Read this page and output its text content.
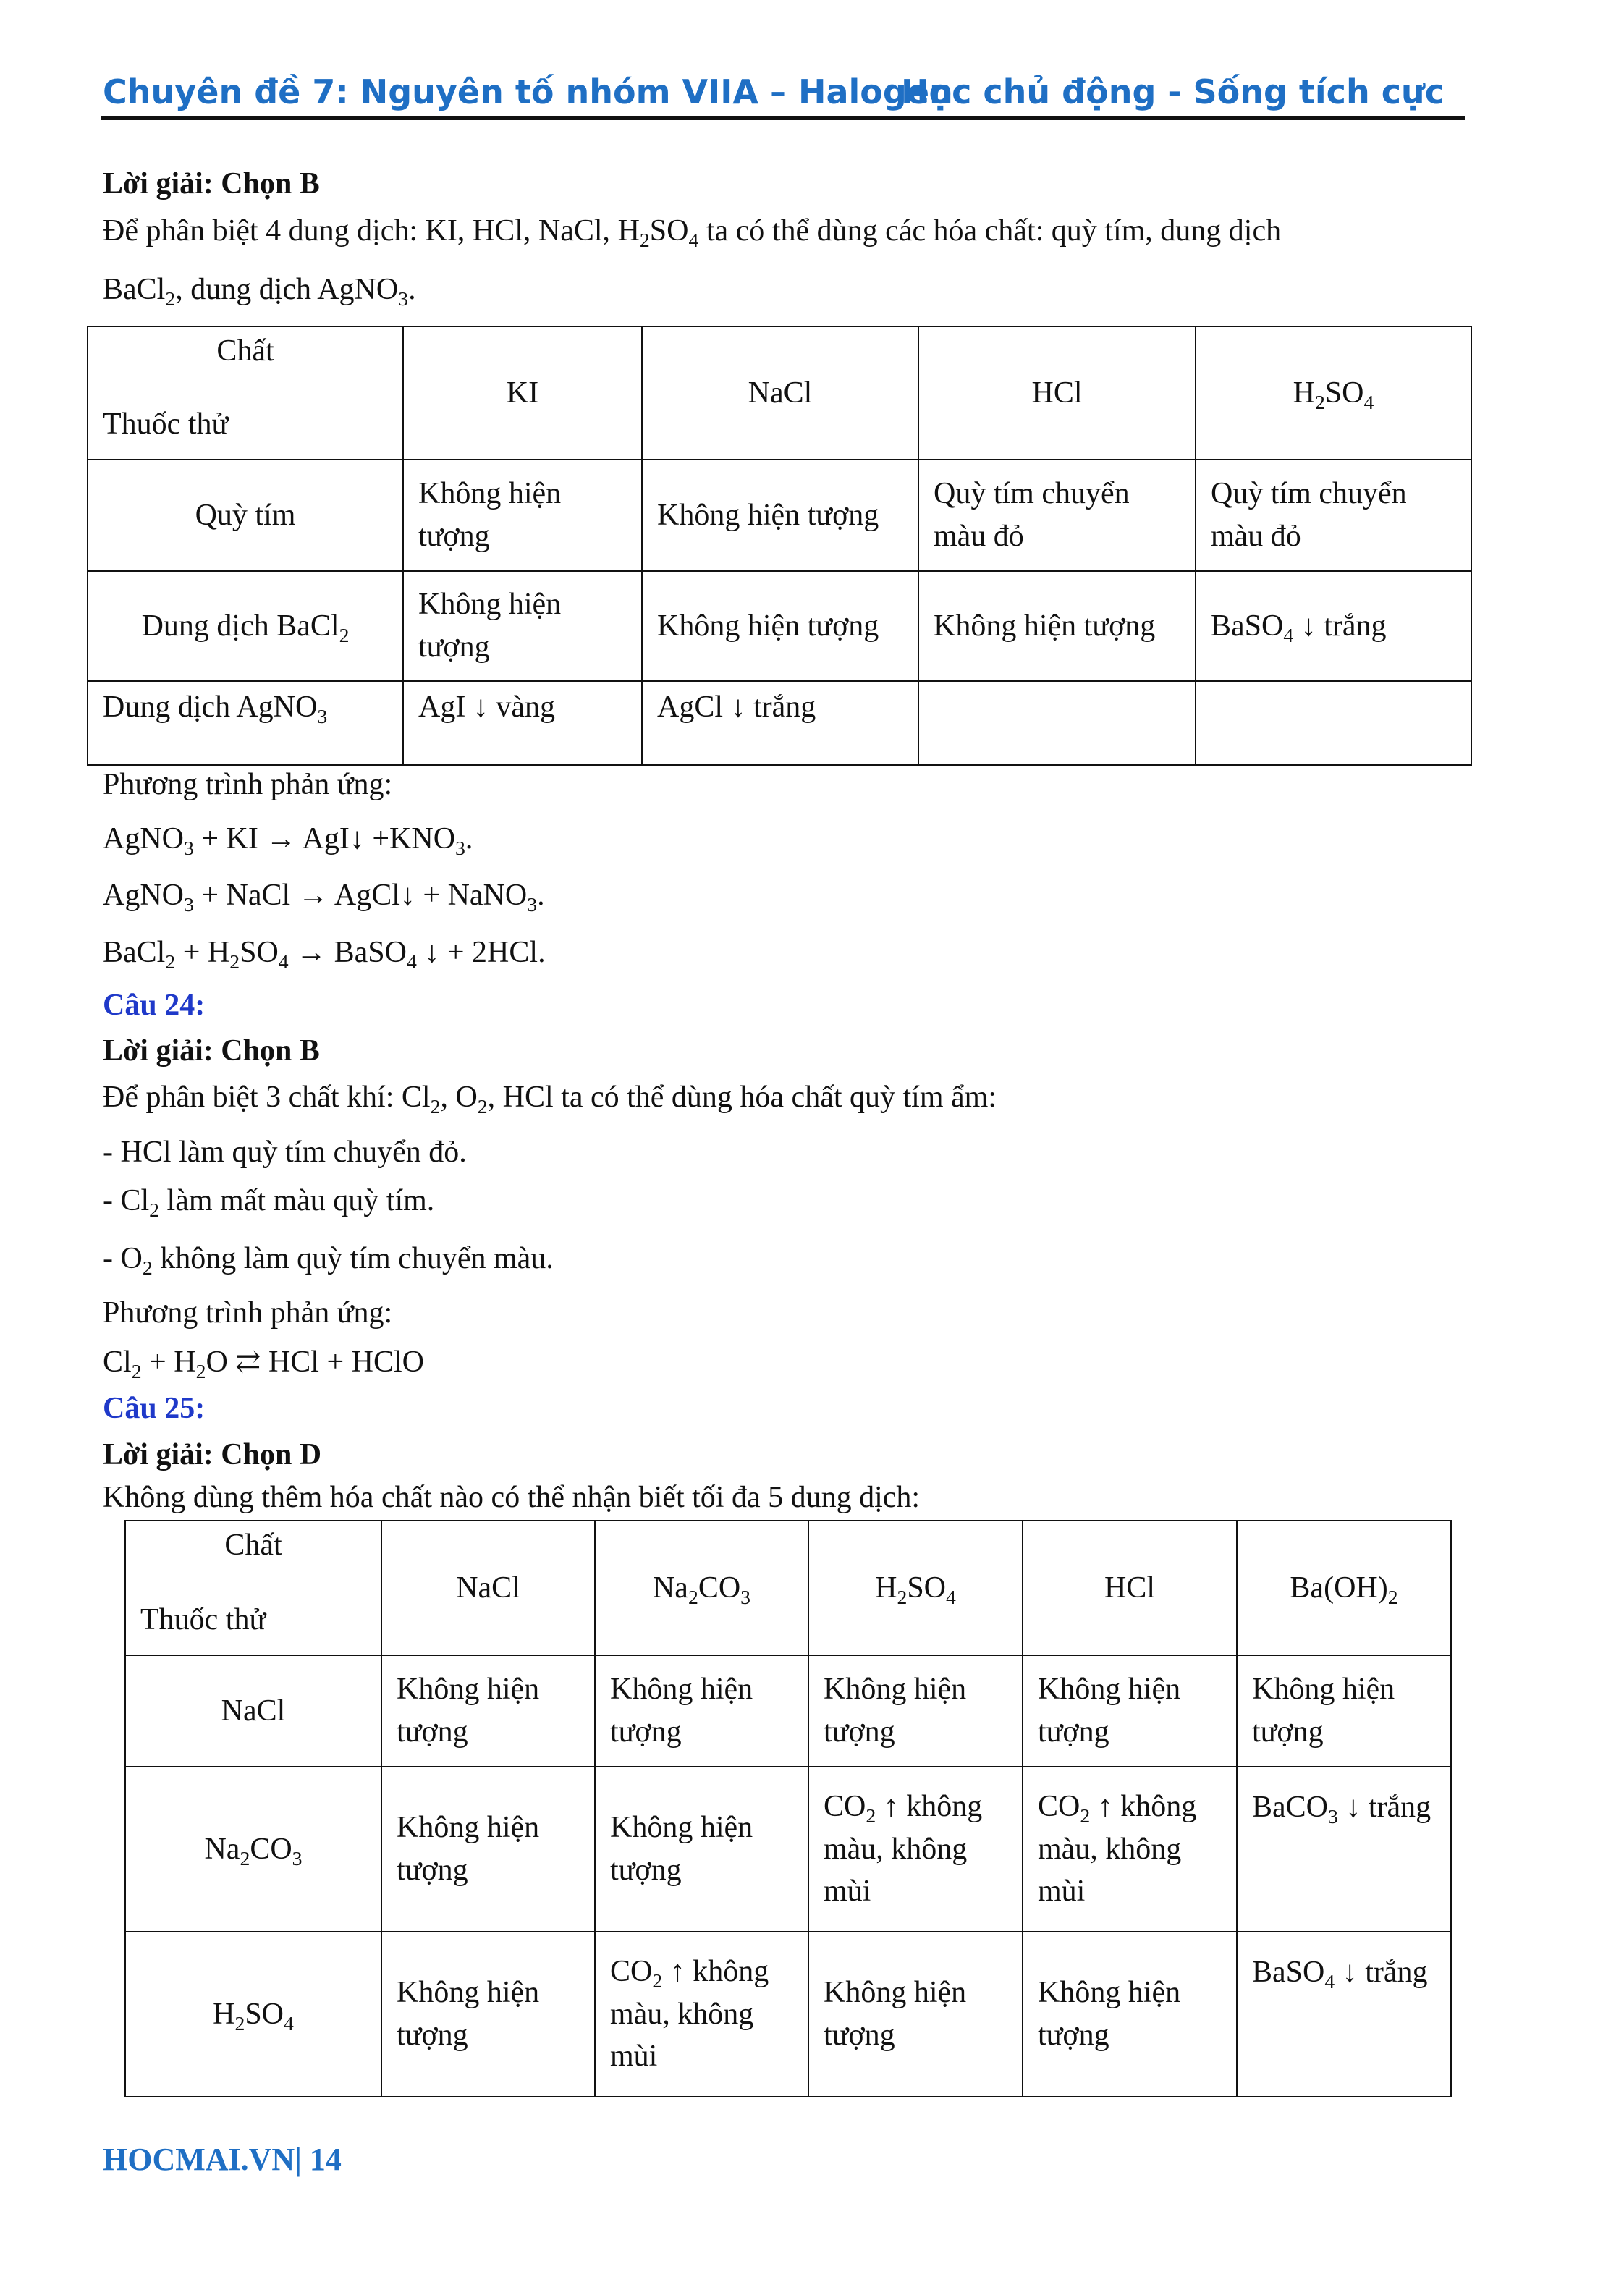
Chuyên đề 7: Nguyên tố nhóm VIIA – Halogen
Học chủ động - Sống tích cực
Lời giải: Chọn B
Để phân biệt 4 dung dịch: KI, HCl, NaCl, $H_2SO_4$ ta có thể dùng các hóa chất: quỳ tím, dung dịch
BaCl$_2$, dung dịch AgNO$_3$.
Chất
Thuốc thử	KI	NaCl	HCl	$H_2SO_4$
Quỳ tím	Không hiện tượng	Không hiện tượng	Quỳ tím chuyển màu đỏ	Quỳ tím chuyển màu đỏ
Dung dịch BaCl$_2$	Không hiện tượng	Không hiện tượng	Không hiện tượng	BaSO$_4$ ↓ trắng
Dung dịch AgNO$_3$	AgI ↓ vàng	AgCl ↓ trắng		
Phương trình phản ứng:
AgNO$_3$ + KI → AgI↓ $+KNO_3$.
AgNO$_3$ + NaCl → AgCl↓ + NaNO$_3$.
BaCl$_2$ + $H_2SO_4$ → BaSO$_4$ ↓ + 2HCl.
Câu 24:
Lời giải: Chọn B
Để phân biệt 3 chất khí: $Cl_2$, $O_2$, HCl ta có thể dùng hóa chất quỳ tím ẩm:
- HCl làm quỳ tím chuyển đỏ.
- $Cl_2$ làm mất màu quỳ tím.
- $O_2$ không làm quỳ tím chuyển màu.
Phương trình phản ứng:
$Cl_2 + H_2O$ ⇄ HCl + HClO
Câu 25:
Lời giải: Chọn D
Không dùng thêm hóa chất nào có thể nhận biết tối đa 5 dung dịch:
Chất
Thuốc thử	NaCl	$Na_2CO_3$	$H_2SO_4$	HCl	$Ba(OH)_2$
NaCl	Không hiện tượng	Không hiện tượng	Không hiện tượng	Không hiện tượng	Không hiện tượng
$Na_2CO_3$	Không hiện tượng	Không hiện tượng	$CO_2$ ↑ không màu, không mùi	$CO_2$ ↑ không màu, không mùi	BaCO$_3$ ↓ trắng
$H_2SO_4$	Không hiện tượng	$CO_2$ ↑ không màu, không mùi	Không hiện tượng	Không hiện tượng	BaSO$_4$ ↓ trắng
HOCMAI.VN| 14
